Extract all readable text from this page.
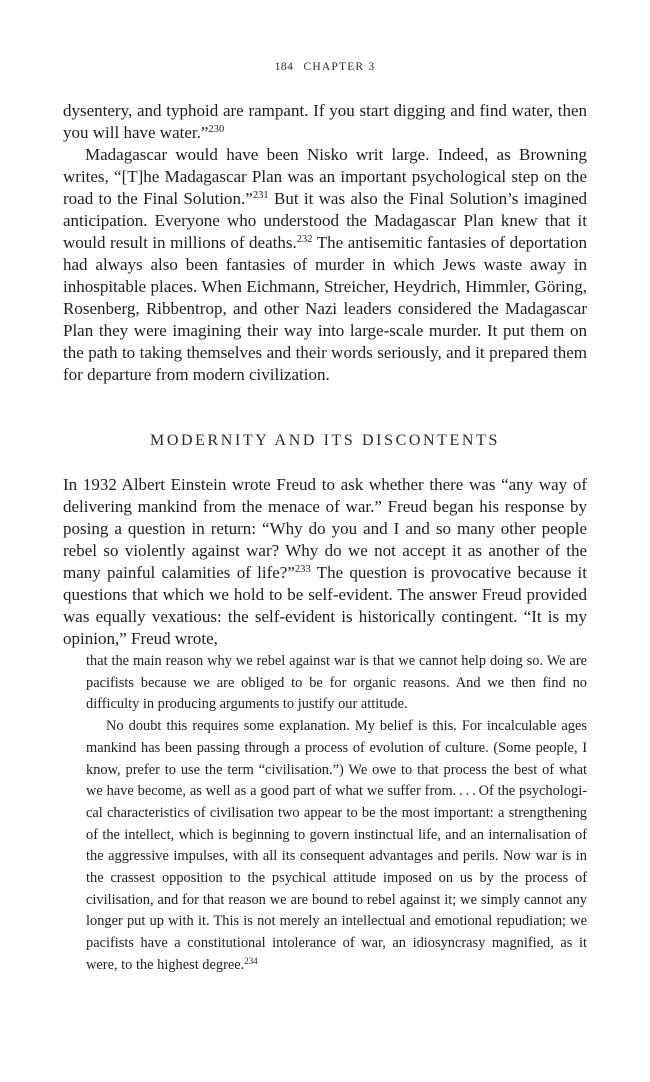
184 CHAPTER 3

dysentery, and typhoid are rampant. If you start digging and find water, then you will have water.”$^{230}$

Madagascar would have been Nisko writ large. Indeed, as Browning writes, “[T]he Madagascar Plan was an important psychological step on the road to the Final Solution.”$^{231}$ But it was also the Final Solution’s imagined anticipation. Everyone who understood the Madagascar Plan knew that it would result in millions of deaths.$^{232}$ The antisemitic fantasies of deportation had always also been fantasies of murder in which Jews waste away in inhospitable places. When Eichmann, Streicher, Heydrich, Himmler, Göring, Rosenberg, Ribbentrop, and other Nazi leaders considered the Madagascar Plan they were imagining their way into large-scale murder. It put them on the path to taking themselves and their words seriously, and it prepared them for departure from modern civilization.

MODERNITY AND ITS DISCONTENTS

In 1932 Albert Einstein wrote Freud to ask whether there was “any way of delivering mankind from the menace of war.” Freud began his response by posing a question in return: “Why do you and I and so many other people rebel so violently against war? Why do we not accept it as another of the many painful calamities of life?”$^{233}$ The question is provocative because it questions that which we hold to be self-evident. The answer Freud provided was equally vexatious: the self-evident is historically contingent. “It is my opinion,” Freud wrote,

that the main reason why we rebel against war is that we cannot help doing so. We are pacifists because we are obliged to be for organic reasons. And we then find no difficulty in producing arguments to justify our attitude.

No doubt this requires some explanation. My belief is this. For incalculable ages mankind has been passing through a process of evolution of culture. (Some people, I know, prefer to use the term “civilisation.”) We owe to that process the best of what we have become, as well as a good part of what we suffer from. . . . Of the psychological characteristics of civilisation two appear to be the most important: a strengthening of the intellect, which is beginning to govern instinctual life, and an internalisation of the aggressive impulses, with all its consequent advantages and perils. Now war is in the crassest opposition to the psychical attitude imposed on us by the process of civilisation, and for that reason we are bound to rebel against it; we simply cannot any longer put up with it. This is not merely an intellectual and emotional repudiation; we pacifists have a constitutional intolerance of war, an idiosyncrasy magnified, as it were, to the highest degree.$^{234}$
